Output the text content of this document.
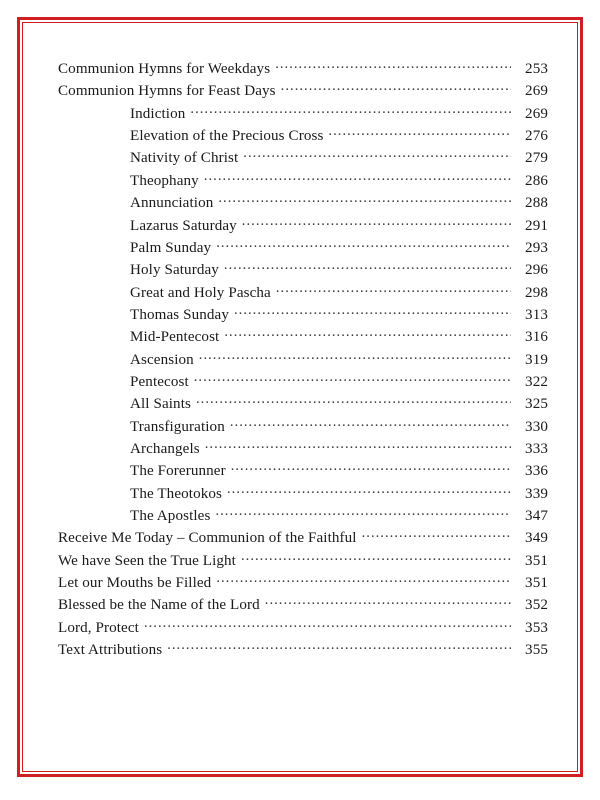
Communion Hymns for Weekdays .....	253
Communion Hymns for Feast Days .....	269
Indiction .....	269
Elevation of the Precious Cross .....	276
Nativity of Christ .....	279
Theophany .....	286
Annunciation .....	288
Lazarus Saturday .....	291
Palm Sunday .....	293
Holy Saturday .....	296
Great and Holy Pascha .....	298
Thomas Sunday .....	313
Mid-Pentecost .....	316
Ascension .....	319
Pentecost .....	322
All Saints .....	325
Transfiguration .....	330
Archangels .....	333
The Forerunner .....	336
The Theotokos .....	339
The Apostles .....	347
Receive Me Today – Communion of the Faithful .....	349
We have Seen the True Light .....	351
Let our Mouths be Filled .....	351
Blessed be the Name of the Lord .....	352
Lord, Protect .....	353
Text Attributions .....	355
